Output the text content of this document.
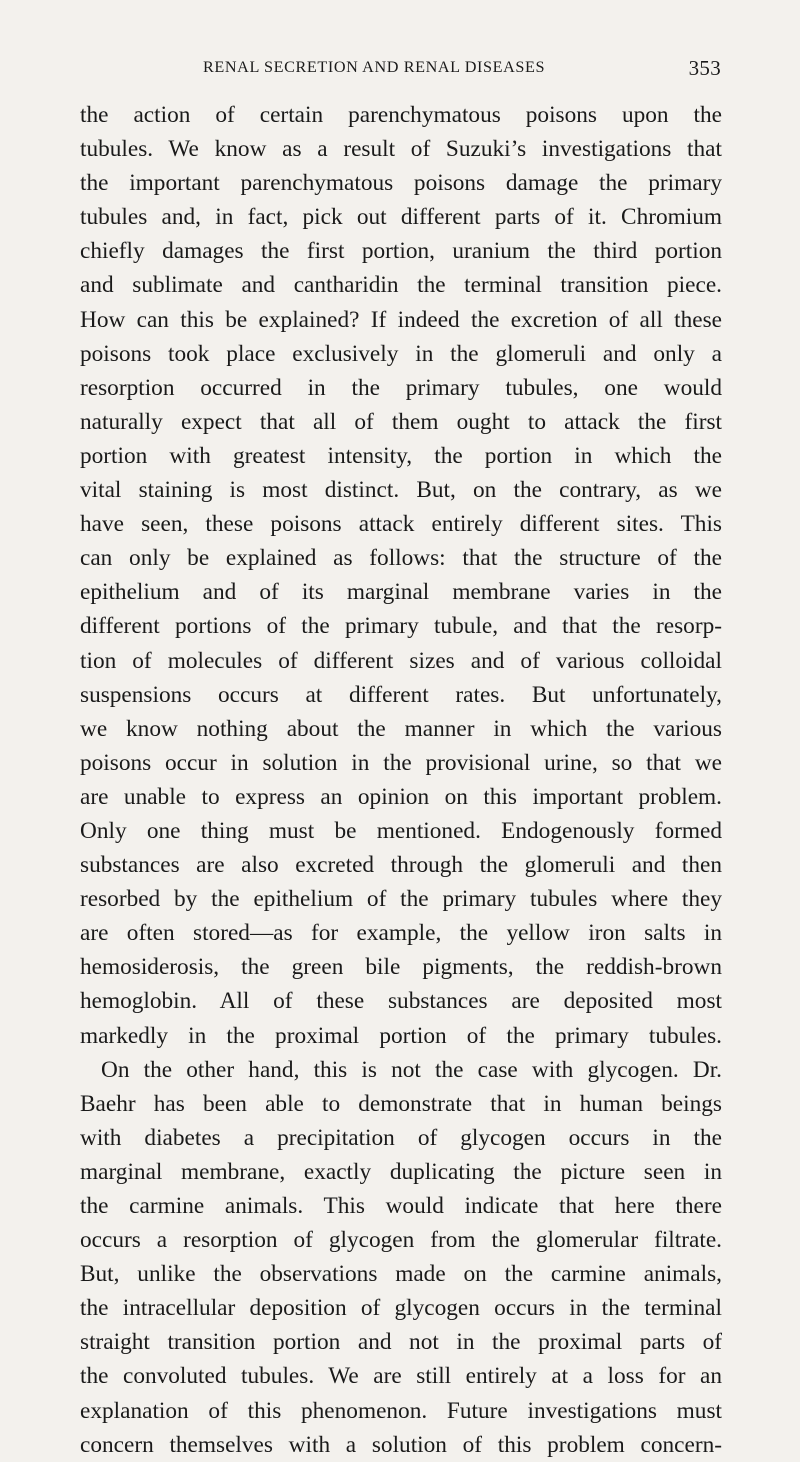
RENAL SECRETION AND RENAL DISEASES	353
the action of certain parenchymatous poisons upon the
tubules. We know as a result of Suzuki’s investigations that
the important parenchymatous poisons damage the primary
tubules and, in fact, pick out different parts of it. Chromium
chiefly damages the first portion, uranium the third portion
and sublimate and cantharidin the terminal transition piece.
How can this be explained? If indeed the excretion of all these
poisons took place exclusively in the glomeruli and only a
resorption occurred in the primary tubules, one would
naturally expect that all of them ought to attack the first
portion with greatest intensity, the portion in which the
vital staining is most distinct. But, on the contrary, as we
have seen, these poisons attack entirely different sites. This
can only be explained as follows: that the structure of the
epithelium and of its marginal membrane varies in the
different portions of the primary tubule, and that the resorp-
tion of molecules of different sizes and of various colloidal
suspensions occurs at different rates. But unfortunately,
we know nothing about the manner in which the various
poisons occur in solution in the provisional urine, so that we
are unable to express an opinion on this important problem.
Only one thing must be mentioned. Endogenously formed
substances are also excreted through the glomeruli and then
resorbed by the epithelium of the primary tubules where they
are often stored—as for example, the yellow iron salts in
hemosiderosis, the green bile pigments, the reddish-brown
hemoglobin. All of these substances are deposited most
markedly in the proximal portion of the primary tubules.
On the other hand, this is not the case with glycogen. Dr.
Baehr has been able to demonstrate that in human beings
with diabetes a precipitation of glycogen occurs in the
marginal membrane, exactly duplicating the picture seen in
the carmine animals. This would indicate that here there
occurs a resorption of glycogen from the glomerular filtrate.
But, unlike the observations made on the carmine animals,
the intracellular deposition of glycogen occurs in the terminal
straight transition portion and not in the proximal parts of
the convoluted tubules. We are still entirely at a loss for an
explanation of this phenomenon. Future investigations must
concern themselves with a solution of this problem concern-
